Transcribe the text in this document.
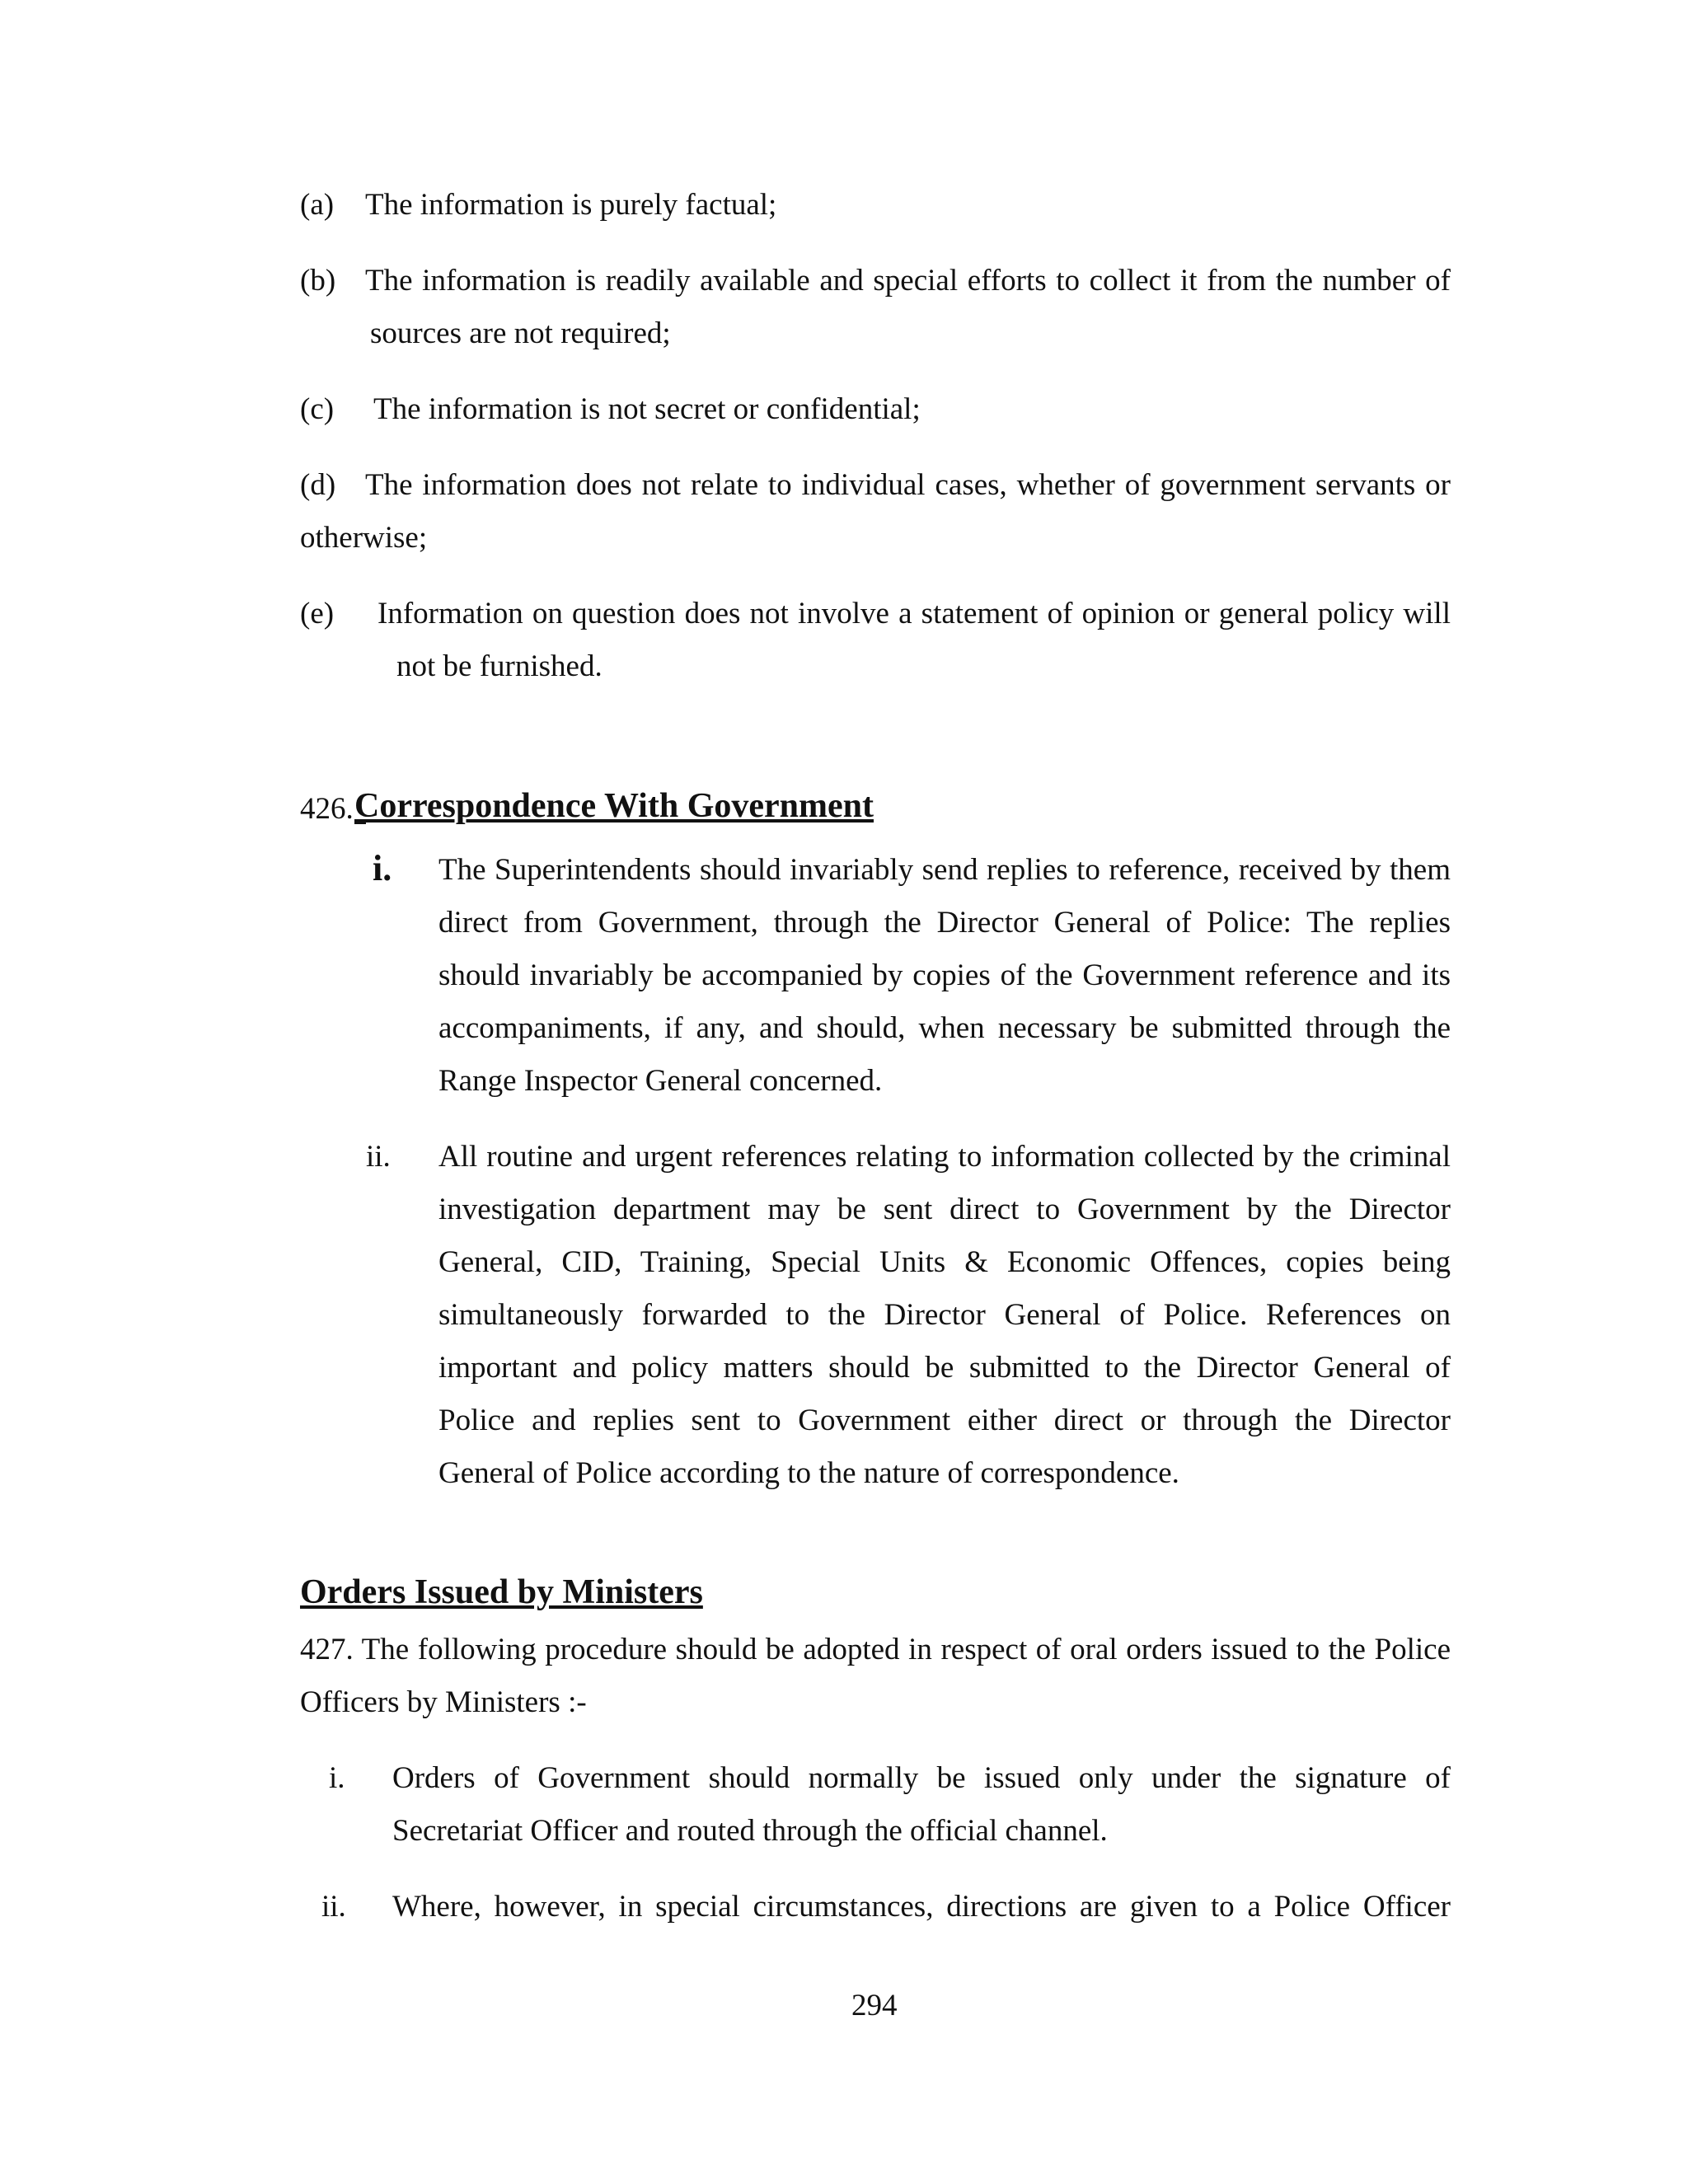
(a) The information is purely factual;
(b) The information is readily available and special efforts to collect it from the number of
sources are not required;
(c) The information is not secret or confidential;
(d) The information does not relate to individual cases, whether of government servants or
otherwise;
(e) Information on question does not involve a statement of opinion or general policy will
not be furnished.
426. Correspondence With Government
i. The Superintendents should invariably send replies to reference, received by them
direct from Government, through the Director General of Police: The replies
should invariably be accompanied by copies of the Government reference and its
accompaniments, if any, and should, when necessary be submitted through the
Range Inspector General concerned.
ii. All routine and urgent references relating to information collected by the criminal
investigation department may be sent direct to Government by the Director
General, CID, Training, Special Units & Economic Offences, copies being
simultaneously forwarded to the Director General of Police. References on
important and policy matters should be submitted to the Director General of
Police and replies sent to Government either direct or through the Director
General of Police according to the nature of correspondence.
Orders Issued by Ministers
427. The following procedure should be adopted in respect of oral orders issued to the Police
Officers by Ministers :-
i. Orders of Government should normally be issued only under the signature of
Secretariat Officer and routed through the official channel.
ii. Where, however, in special circumstances, directions are given to a Police Officer
294
